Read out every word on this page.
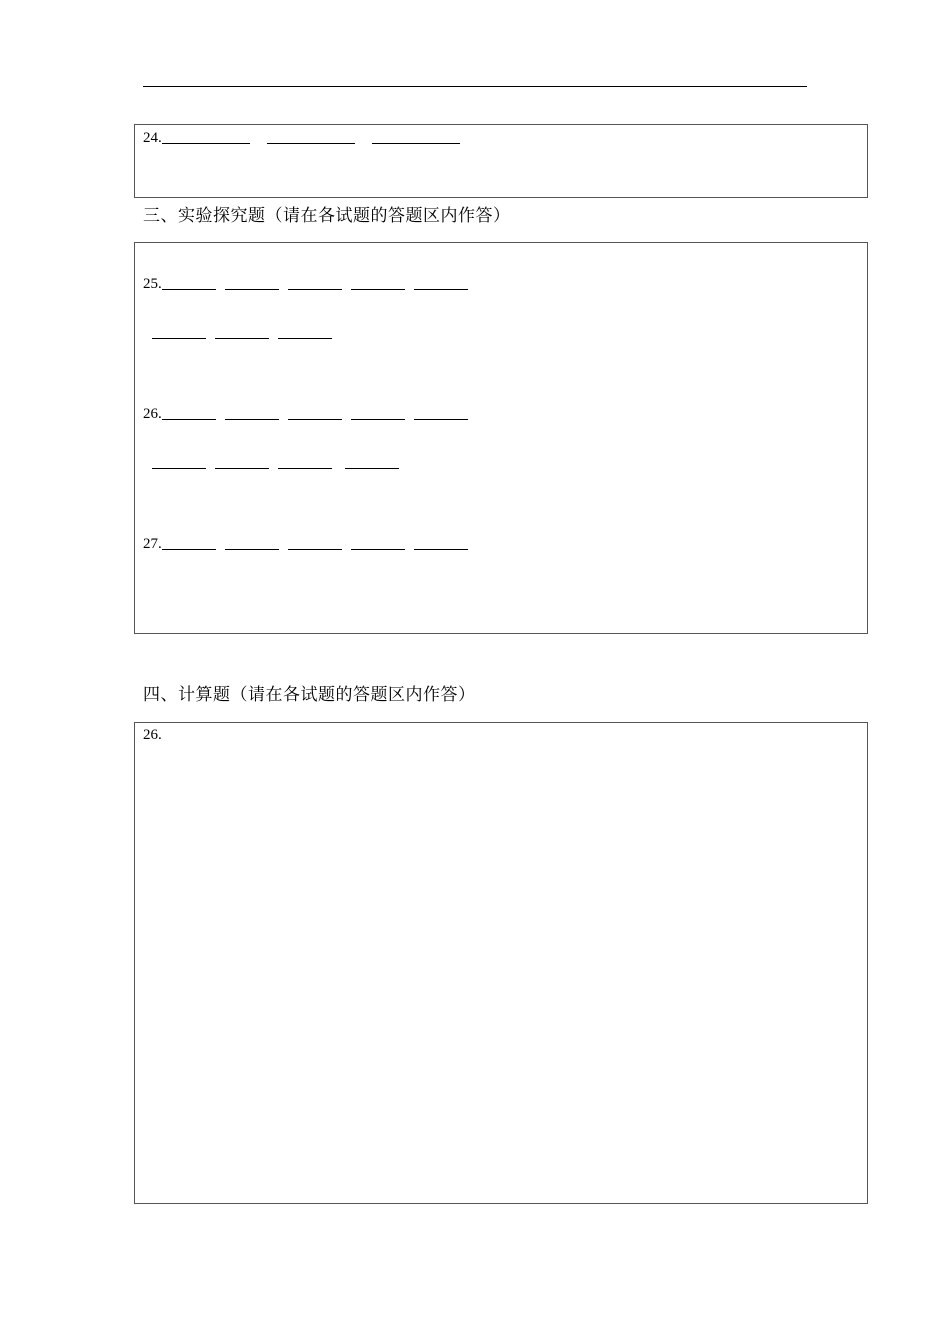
24.
三、实验探究题（请在各试题的答题区内作答）
25.
26.
27.
四、计算题（请在各试题的答题区内作答）
26.
